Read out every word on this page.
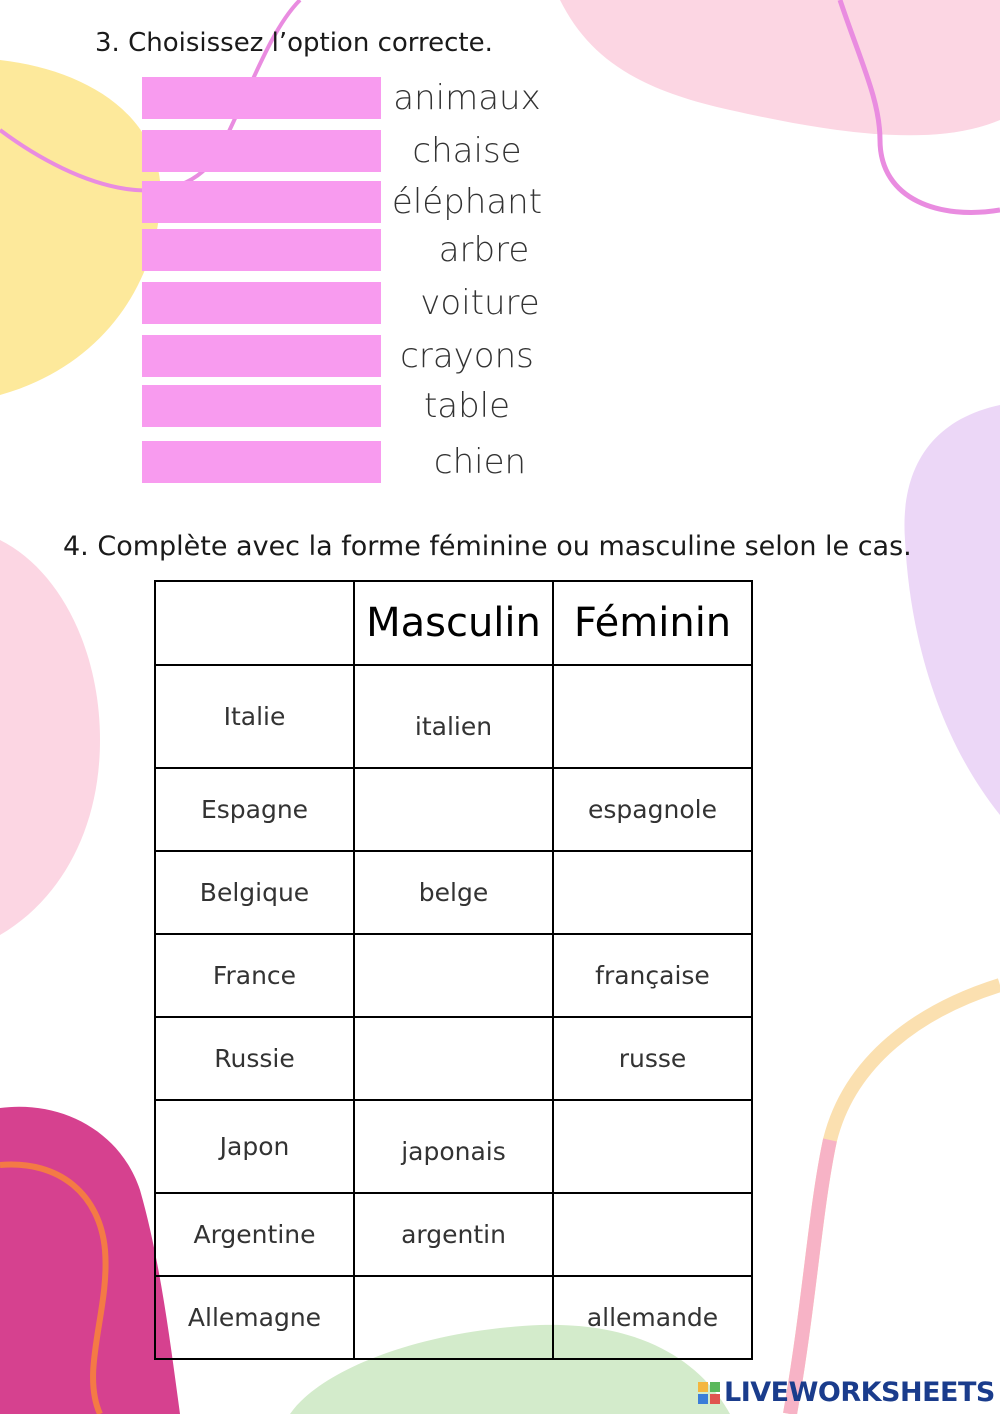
3. Choisissez l’option correcte.
animaux
chaise
éléphant
arbre
voiture
crayons
table
chien
4. Complète avec la forme féminine ou masculine selon le cas.
	Masculin	Féminin
Italie	italien	

Espagne		espagnole
Belgique	belge	

France		française
Russie		russe
Japon	japonais	

Argentine	argentin	

Allemagne		allemande
LIVEWORKSHEETS
